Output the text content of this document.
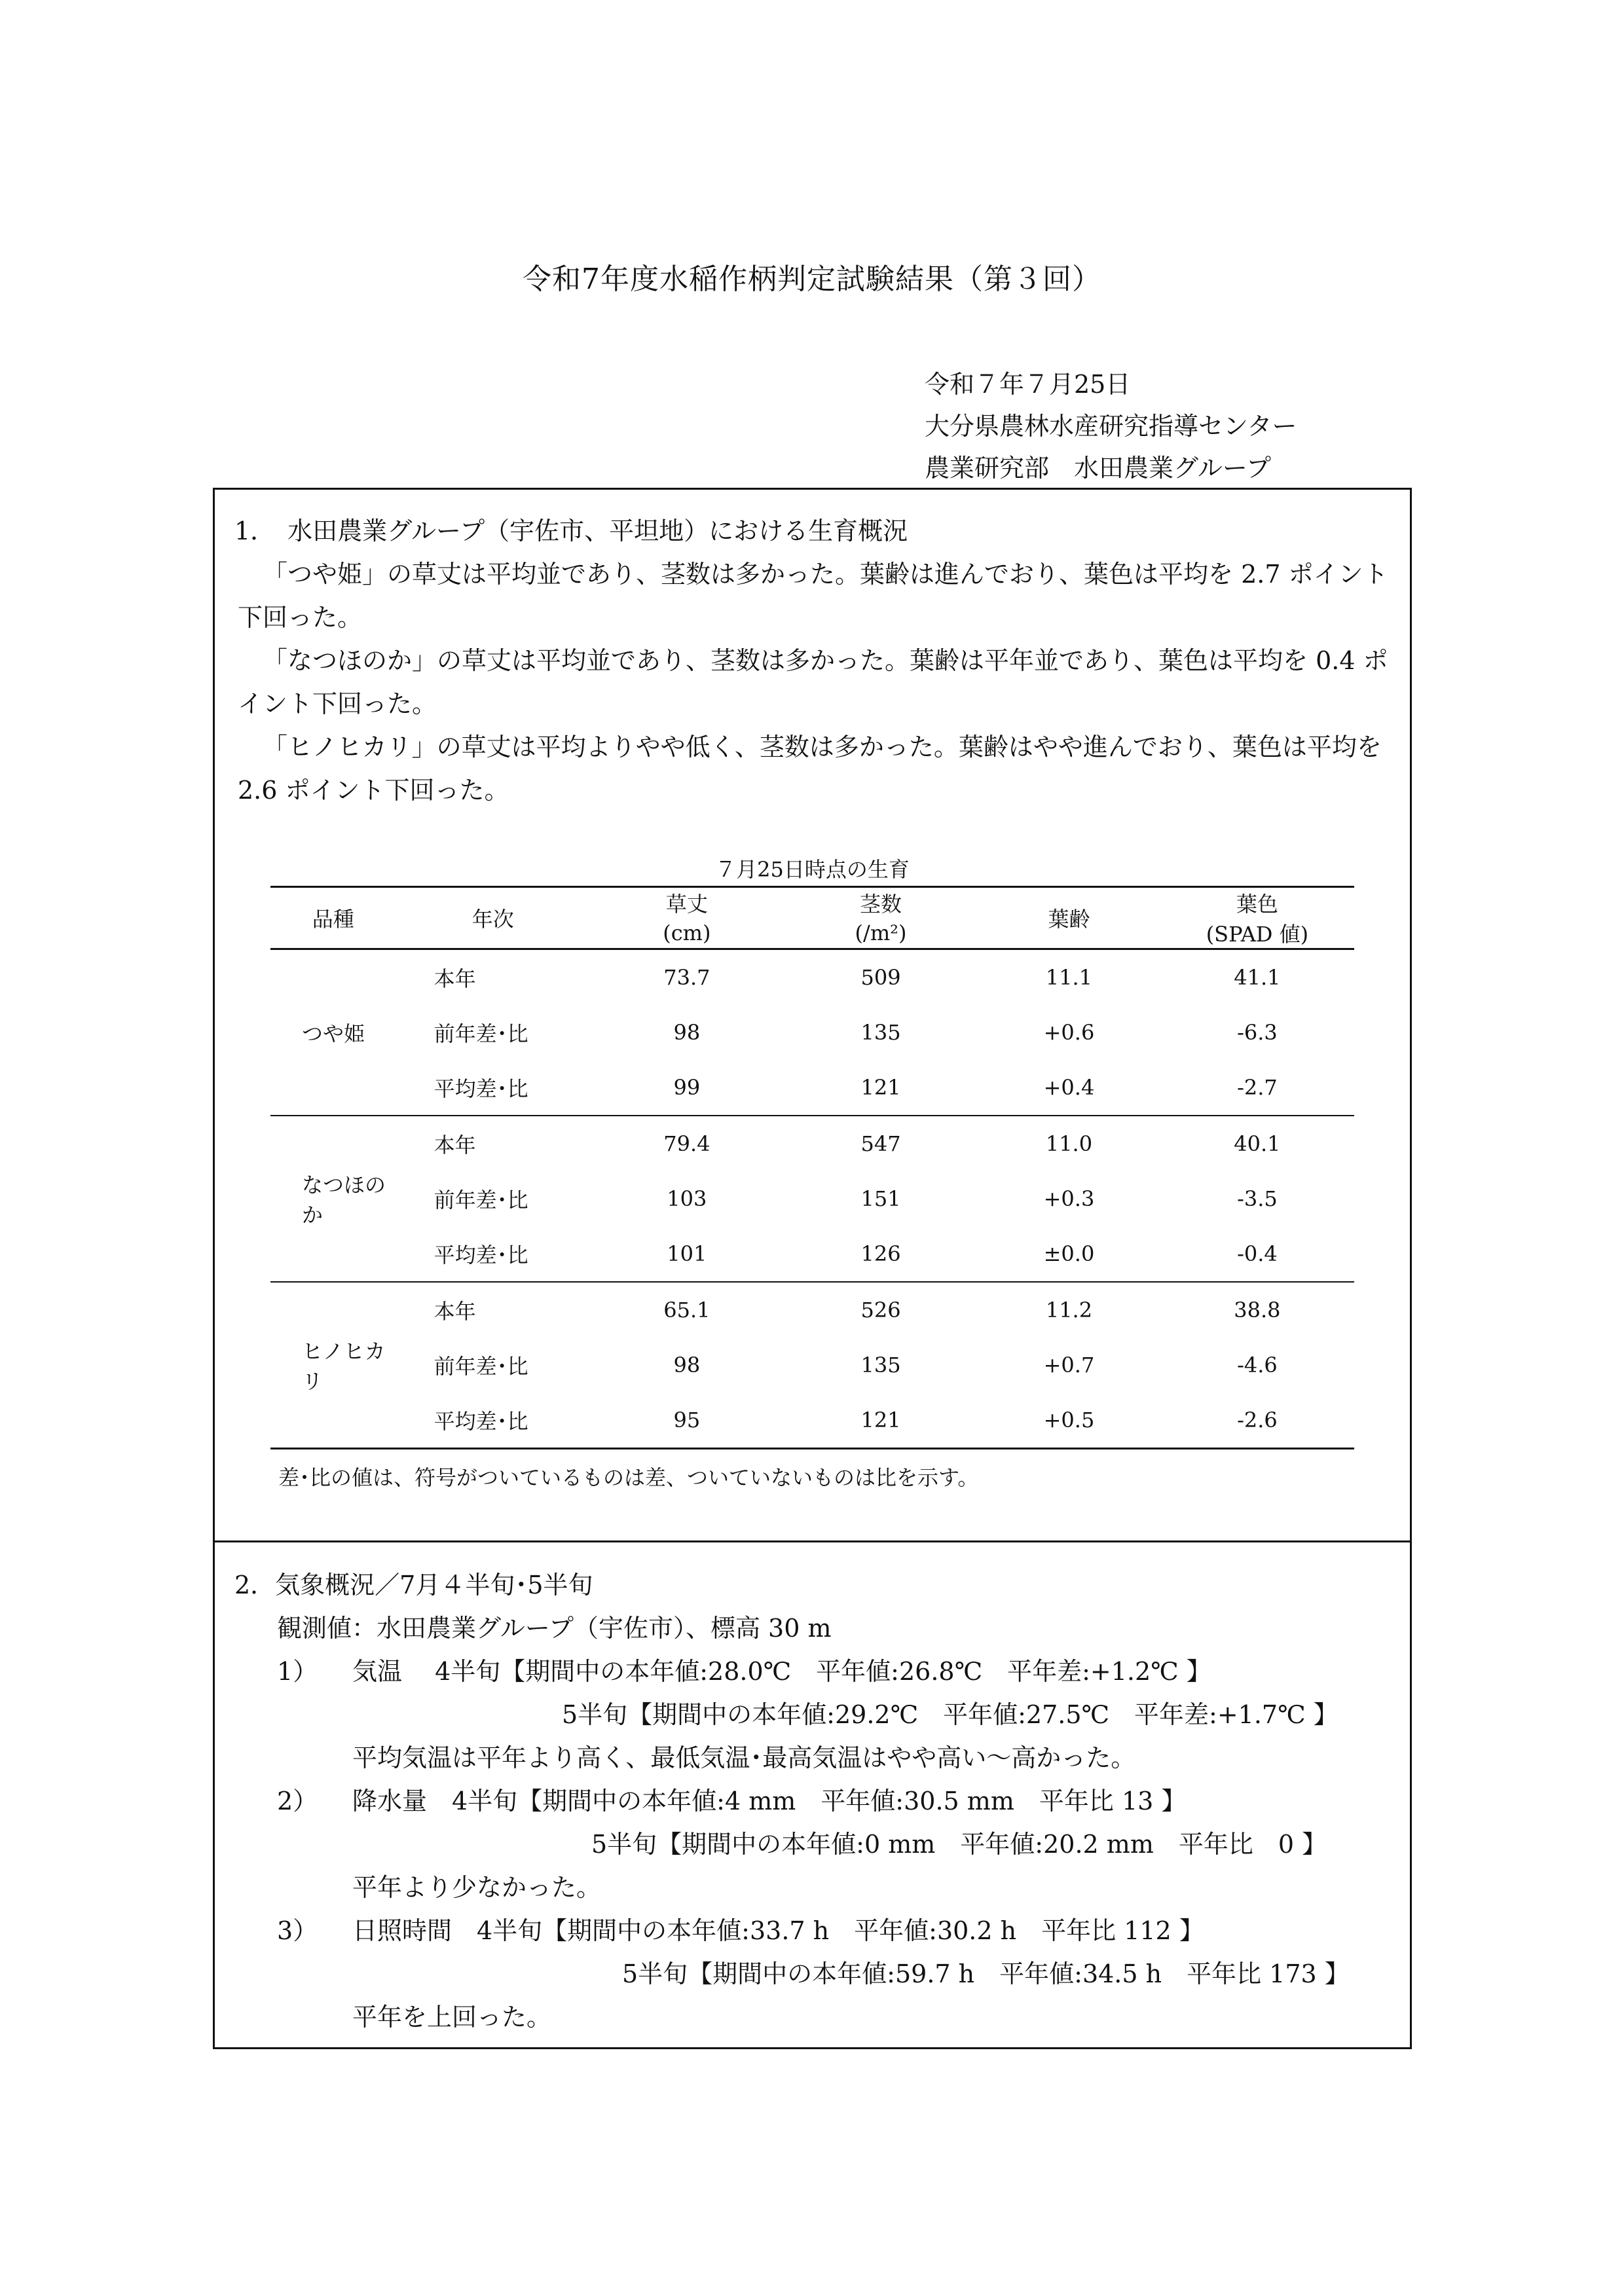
令和7年度水稲作柄判定試験結果（第３回）
令和７年７月25日
大分県農林水産研究指導センター
農業研究部　水田農業グループ
1．　水田農業グループ（宇佐市、平坦地）における生育概況
「つや姫」の草丈は平均並であり、茎数は多かった。葉齢は進んでおり、葉色は平均を 2.7 ポイント下回った。
「なつほのか」の草丈は平均並であり、茎数は多かった。葉齢は平年並であり、葉色は平均を 0.4 ポイント下回った。
「ヒノヒカリ」の草丈は平均よりやや低く、茎数は多かった。葉齢はやや進んでおり、葉色は平均を 2.6 ポイント下回った。
７月25日時点の生育
品種	年次	草丈	茎数	葉齢	葉色
		(cm)	(/m²)		(SPAD 値)
つや姫	本年	73.7	509	11.1	41.1
	前年差･比	98	135	+0.6	-6.3
	平均差･比	99	121	+0.4	-2.7
なつほのか	本年	79.4	547	11.0	40.1
	前年差･比	103	151	+0.3	-3.5
	平均差･比	101	126	±0.0	-0.4
ヒノヒカリ	本年	65.1	526	11.2	38.8
	前年差･比	98	135	+0.7	-4.6
	平均差･比	95	121	+0.5	-2.6
差･比の値は、符号がついているものは差、ついていないものは比を示す。
2．気象概況／7月４半旬･5半旬
観測値：水田農業グループ（宇佐市）、標高 30 m
1） 気温　 4半旬【期間中の本年値:28.0℃　平年値:26.8℃　平年差:+1.2℃ 】
5半旬【期間中の本年値:29.2℃　平年値:27.5℃　平年差:+1.7℃ 】
平均気温は平年より高く、最低気温･最高気温はやや高い～高かった。
2） 降水量　4半旬【期間中の本年値:4 mm　平年値:30.5 mm　平年比 13 】
5半旬【期間中の本年値:0 mm　平年値:20.2 mm　平年比　0 】
平年より少なかった。
3） 日照時間　4半旬【期間中の本年値:33.7 h　平年値:30.2 h　平年比 112 】
5半旬【期間中の本年値:59.7 h　平年値:34.5 h　平年比 173 】
平年を上回った。
